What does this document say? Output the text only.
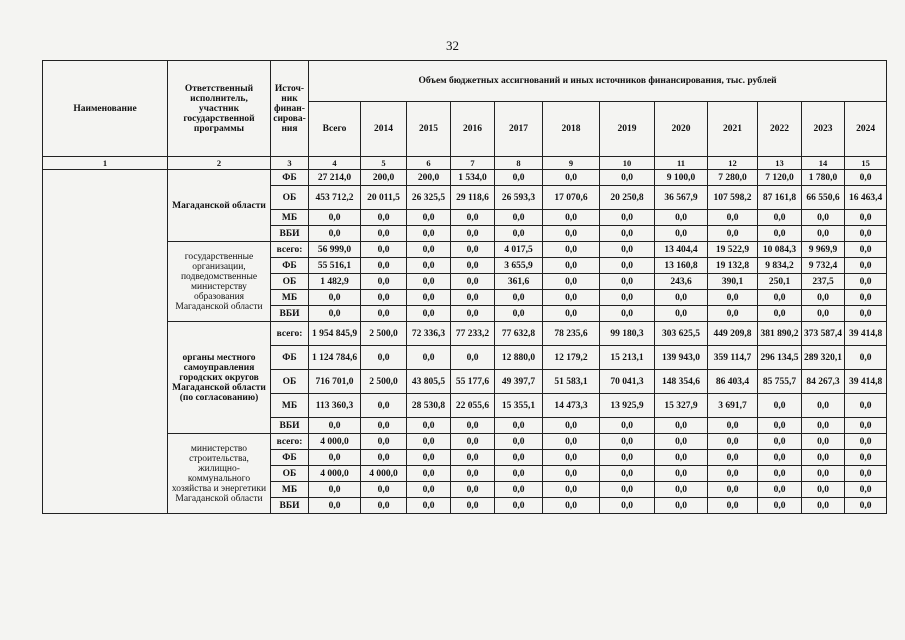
32
Наименование	Ответственный исполнитель, участник государственной программы	Источ-ник финан-сирова-ния	Объем бюджетных ассигнований и иных источников финансирования, тыс. рублей											
			Всего	2014	2015	2016	2017	2018	2019	2020	2021	2022	2023	2024
1	2	3	4	5	6	7	8	9	10	11	12	13	14	15
	Магаданской области	ФБ	27 214,0	200,0	200,0	1 534,0	0,0	0,0	0,0	9 100,0	7 280,0	7 120,0	1 780,0	0,0
		ОБ	453 712,2	20 011,5	26 325,5	29 118,6	26 593,3	17 070,6	20 250,8	36 567,9	107 598,2	87 161,8	66 550,6	16 463,4
		МБ	0,0	0,0	0,0	0,0	0,0	0,0	0,0	0,0	0,0	0,0	0,0	0,0
		ВБИ	0,0	0,0	0,0	0,0	0,0	0,0	0,0	0,0	0,0	0,0	0,0	0,0
	государственные организации, подведомственные министерству образования Магаданской области	всего:	56 999,0	0,0	0,0	0,0	4 017,5	0,0	0,0	13 404,4	19 522,9	10 084,3	9 969,9	0,0
		ФБ	55 516,1	0,0	0,0	0,0	3 655,9	0,0	0,0	13 160,8	19 132,8	9 834,2	9 732,4	0,0
		ОБ	1 482,9	0,0	0,0	0,0	361,6	0,0	0,0	243,6	390,1	250,1	237,5	0,0
		МБ	0,0	0,0	0,0	0,0	0,0	0,0	0,0	0,0	0,0	0,0	0,0	0,0
		ВБИ	0,0	0,0	0,0	0,0	0,0	0,0	0,0	0,0	0,0	0,0	0,0	0,0
	органы местного самоуправления городских округов Магаданской области (по согласованию)	всего:	1 954 845,9	2 500,0	72 336,3	77 233,2	77 632,8	78 235,6	99 180,3	303 625,5	449 209,8	381 890,2	373 587,4	39 414,8
		ФБ	1 124 784,6	0,0	0,0	0,0	12 880,0	12 179,2	15 213,1	139 943,0	359 114,7	296 134,5	289 320,1	0,0
		ОБ	716 701,0	2 500,0	43 805,5	55 177,6	49 397,7	51 583,1	70 041,3	148 354,6	86 403,4	85 755,7	84 267,3	39 414,8
		МБ	113 360,3	0,0	28 530,8	22 055,6	15 355,1	14 473,3	13 925,9	15 327,9	3 691,7	0,0	0,0	0,0
		ВБИ	0,0	0,0	0,0	0,0	0,0	0,0	0,0	0,0	0,0	0,0	0,0	0,0
	министерство строительства, жилищно-коммунального хозяйства и энергетики Магаданской области	всего:	4 000,0	0,0	0,0	0,0	0,0	0,0	0,0	0,0	0,0	0,0	0,0	0,0
		ФБ	0,0	0,0	0,0	0,0	0,0	0,0	0,0	0,0	0,0	0,0	0,0	0,0
		ОБ	4 000,0	4 000,0	0,0	0,0	0,0	0,0	0,0	0,0	0,0	0,0	0,0	0,0
		МБ	0,0	0,0	0,0	0,0	0,0	0,0	0,0	0,0	0,0	0,0	0,0	0,0
		ВБИ	0,0	0,0	0,0	0,0	0,0	0,0	0,0	0,0	0,0	0,0	0,0	0,0
